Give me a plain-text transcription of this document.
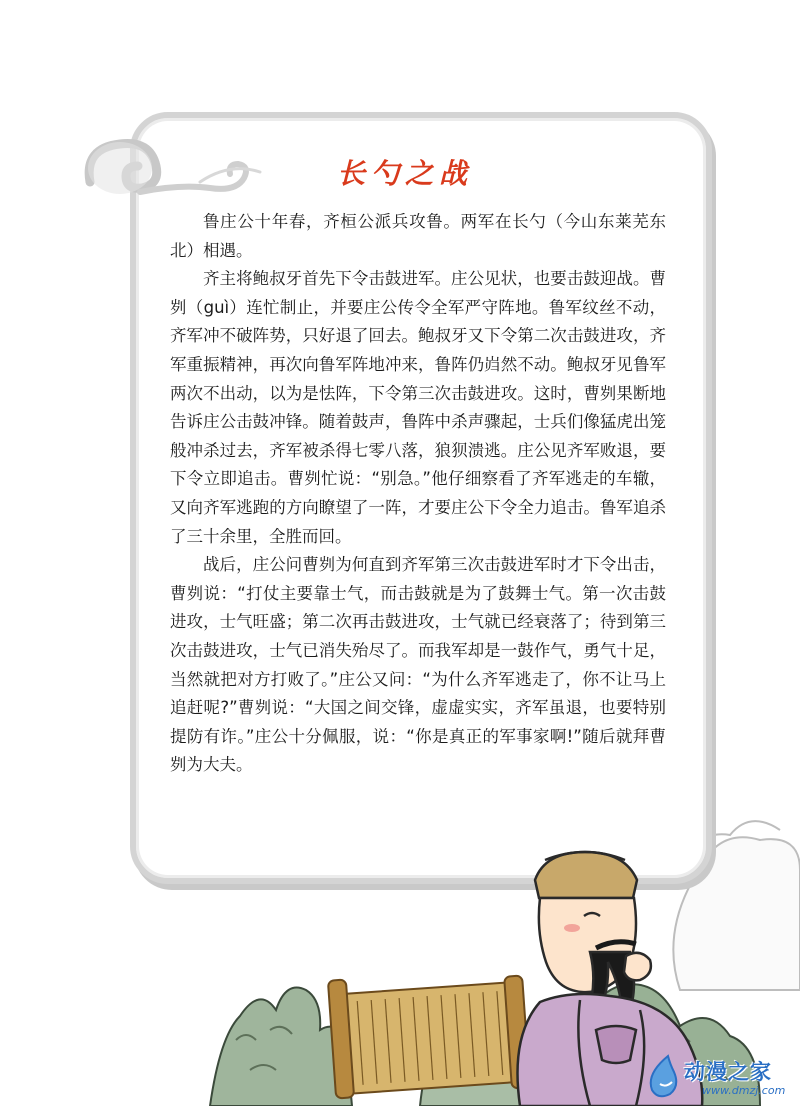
长勺之战

鲁庄公十年春，齐桓公派兵攻鲁。两军在长勺（今山东莱芜东北）相遇。

齐主将鲍叔牙首先下令击鼓进军。庄公见状，也要击鼓迎战。曹刿（guì）连忙制止，并要庄公传令全军严守阵地。鲁军纹丝不动，齐军冲不破阵势，只好退了回去。鲍叔牙又下令第二次击鼓进攻，齐军重振精神，再次向鲁军阵地冲来，鲁阵仍岿然不动。鲍叔牙见鲁军两次不出动，以为是怯阵，下令第三次击鼓进攻。这时，曹刿果断地告诉庄公击鼓冲锋。随着鼓声，鲁阵中杀声骤起，士兵们像猛虎出笼般冲杀过去，齐军被杀得七零八落，狼狈溃逃。庄公见齐军败退，要下令立即追击。曹刿忙说：“别急。”他仔细察看了齐军逃走的车辙，又向齐军逃跑的方向瞭望了一阵，才要庄公下令全力追击。鲁军追杀了三十余里，全胜而回。

战后，庄公问曹刿为何直到齐军第三次击鼓进军时才下令出击，曹刿说：“打仗主要靠士气，而击鼓就是为了鼓舞士气。第一次击鼓进攻，士气旺盛；第二次再击鼓进攻，士气就已经衰落了；待到第三次击鼓进攻，士气已消失殆尽了。而我军却是一鼓作气，勇气十足，当然就把对方打败了。”庄公又问：“为什么齐军逃走了，你不让马上追赶呢?”曹刿说：“大国之间交锋，虚虚实实，齐军虽退，也要特别提防有诈。”庄公十分佩服，说：“你是真正的军事家啊!”随后就拜曹刿为大夫。

动漫之家
www.dmzj.com
